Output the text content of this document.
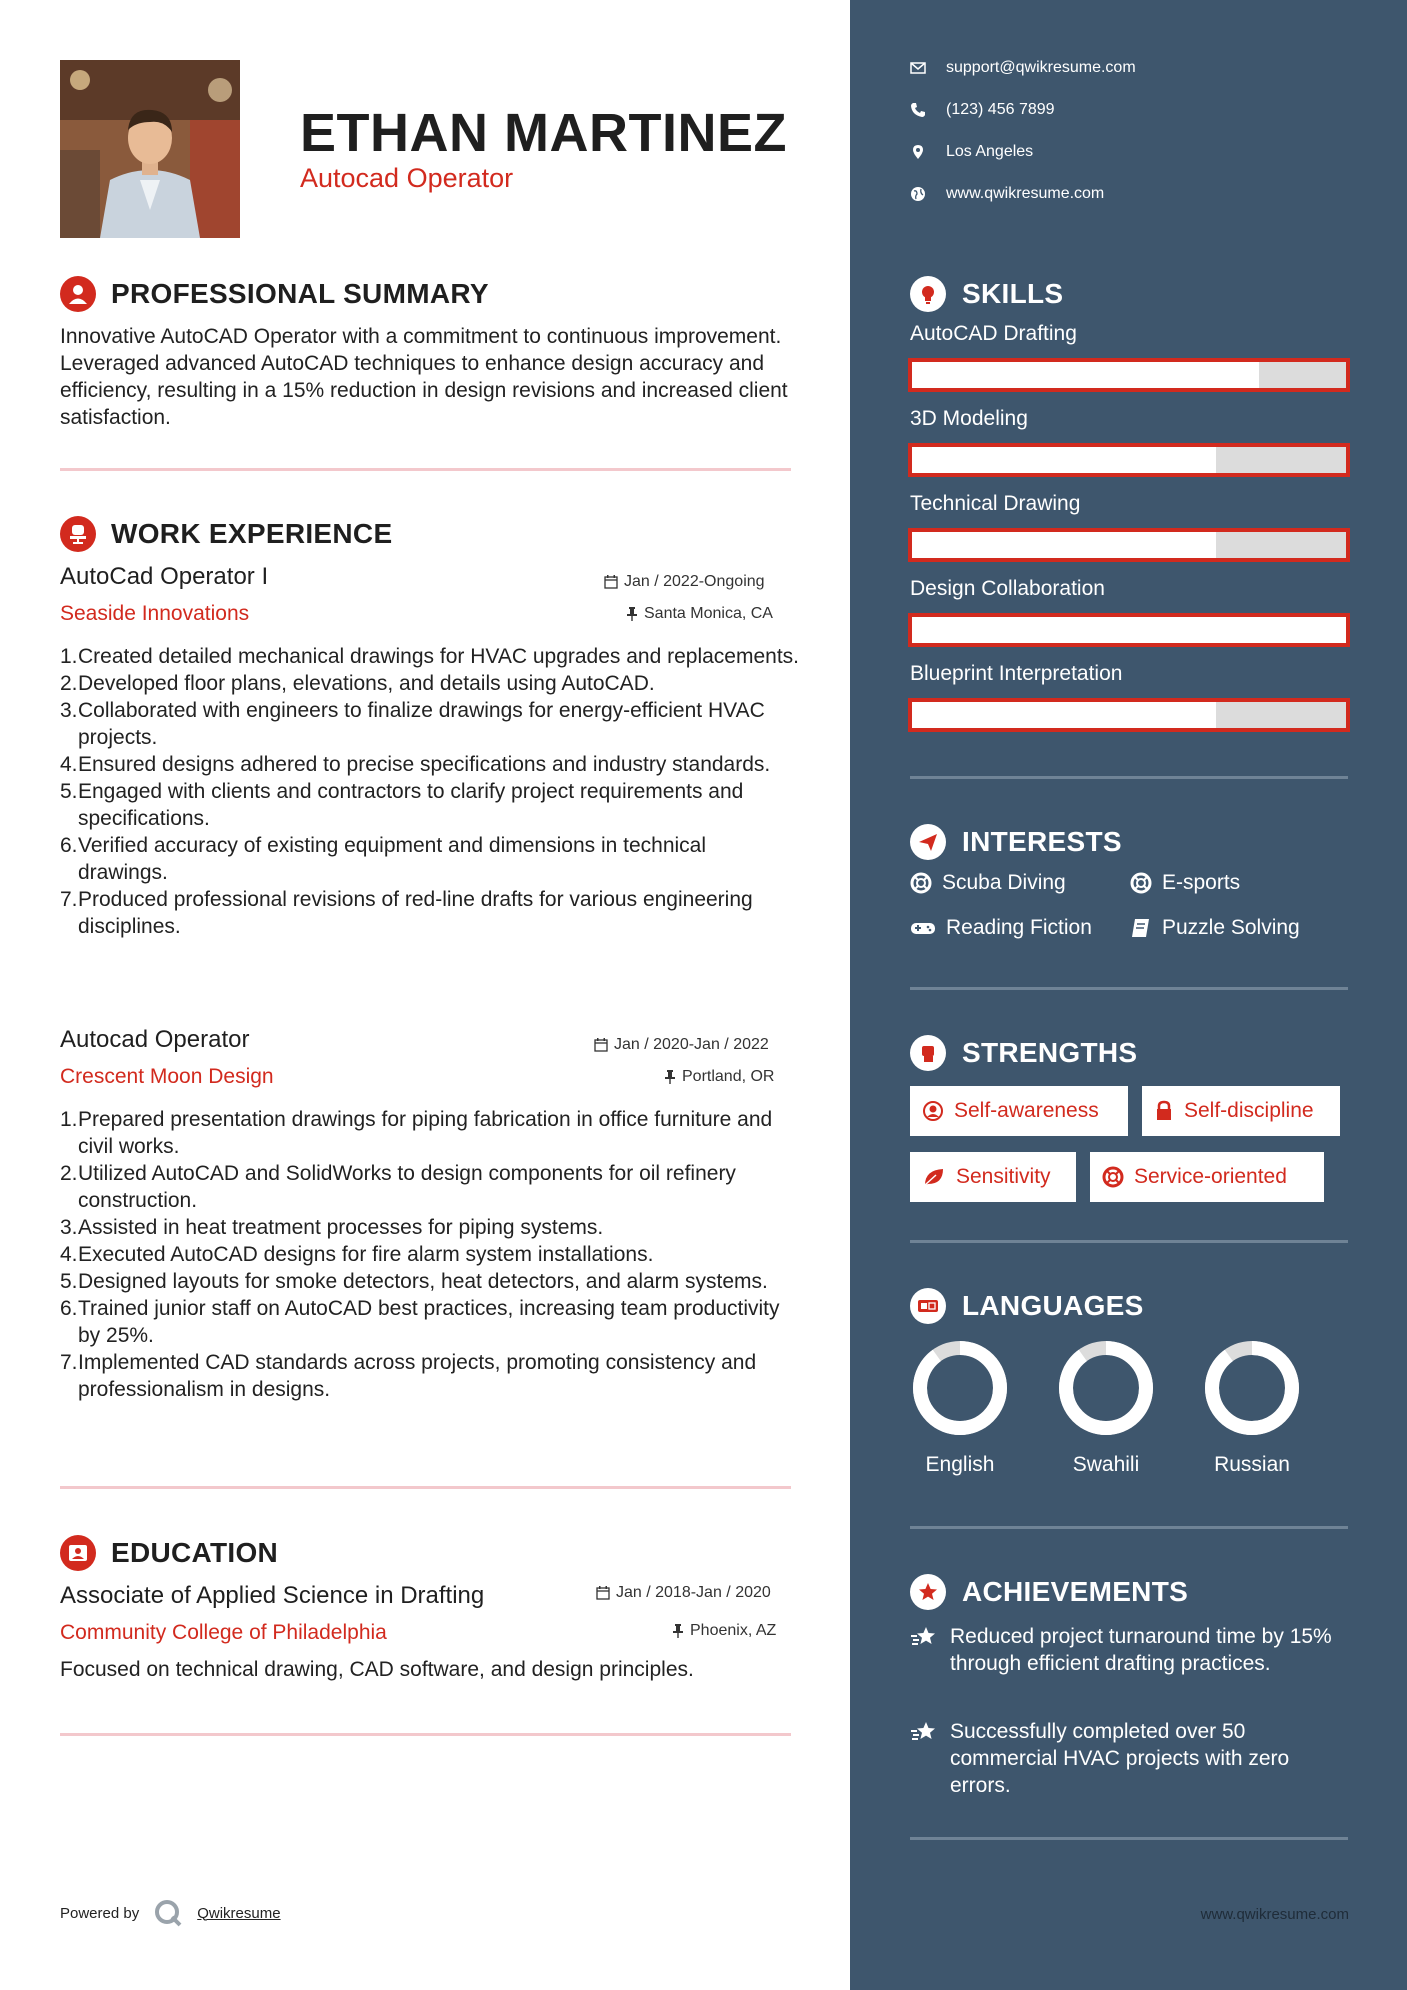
ETHAN MARTINEZ
Autocad Operator
PROFESSIONAL SUMMARY
Innovative AutoCAD Operator with a commitment to continuous improvement. Leveraged advanced AutoCAD techniques to enhance design accuracy and efficiency, resulting in a 15% reduction in design revisions and increased client satisfaction.
WORK EXPERIENCE
AutoCad Operator I	Jan / 2022-Ongoing
Seaside Innovations	Santa Monica, CA
1. Created detailed mechanical drawings for HVAC upgrades and replacements.
2. Developed floor plans, elevations, and details using AutoCAD.
3. Collaborated with engineers to finalize drawings for energy-efficient HVAC projects.
4. Ensured designs adhered to precise specifications and industry standards.
5. Engaged with clients and contractors to clarify project requirements and specifications.
6. Verified accuracy of existing equipment and dimensions in technical drawings.
7. Produced professional revisions of red-line drafts for various engineering disciplines.
Autocad Operator	Jan / 2020-Jan / 2022
Crescent Moon Design	Portland, OR
1. Prepared presentation drawings for piping fabrication in office furniture and civil works.
2. Utilized AutoCAD and SolidWorks to design components for oil refinery construction.
3. Assisted in heat treatment processes for piping systems.
4. Executed AutoCAD designs for fire alarm system installations.
5. Designed layouts for smoke detectors, heat detectors, and alarm systems.
6. Trained junior staff on AutoCAD best practices, increasing team productivity by 25%.
7. Implemented CAD standards across projects, promoting consistency and professionalism in designs.
EDUCATION
Associate of Applied Science in Drafting	Jan / 2018-Jan / 2020
Community College of Philadelphia	Phoenix, AZ
Focused on technical drawing, CAD software, and design principles.
Powered by	Qwikresume
support@qwikresume.com
(123) 456 7899
Los Angeles
www.qwikresume.com
SKILLS
AutoCAD Drafting
3D Modeling
Technical Drawing
Design Collaboration
Blueprint Interpretation
INTERESTS
Scuba Diving	E-sports
Reading Fiction	Puzzle Solving
STRENGTHS
Self-awareness	Self-discipline
Sensitivity	Service-oriented
LANGUAGES
English	Swahili	Russian
ACHIEVEMENTS
Reduced project turnaround time by 15% through efficient drafting practices.
Successfully completed over 50 commercial HVAC projects with zero errors.
www.qwikresume.com
